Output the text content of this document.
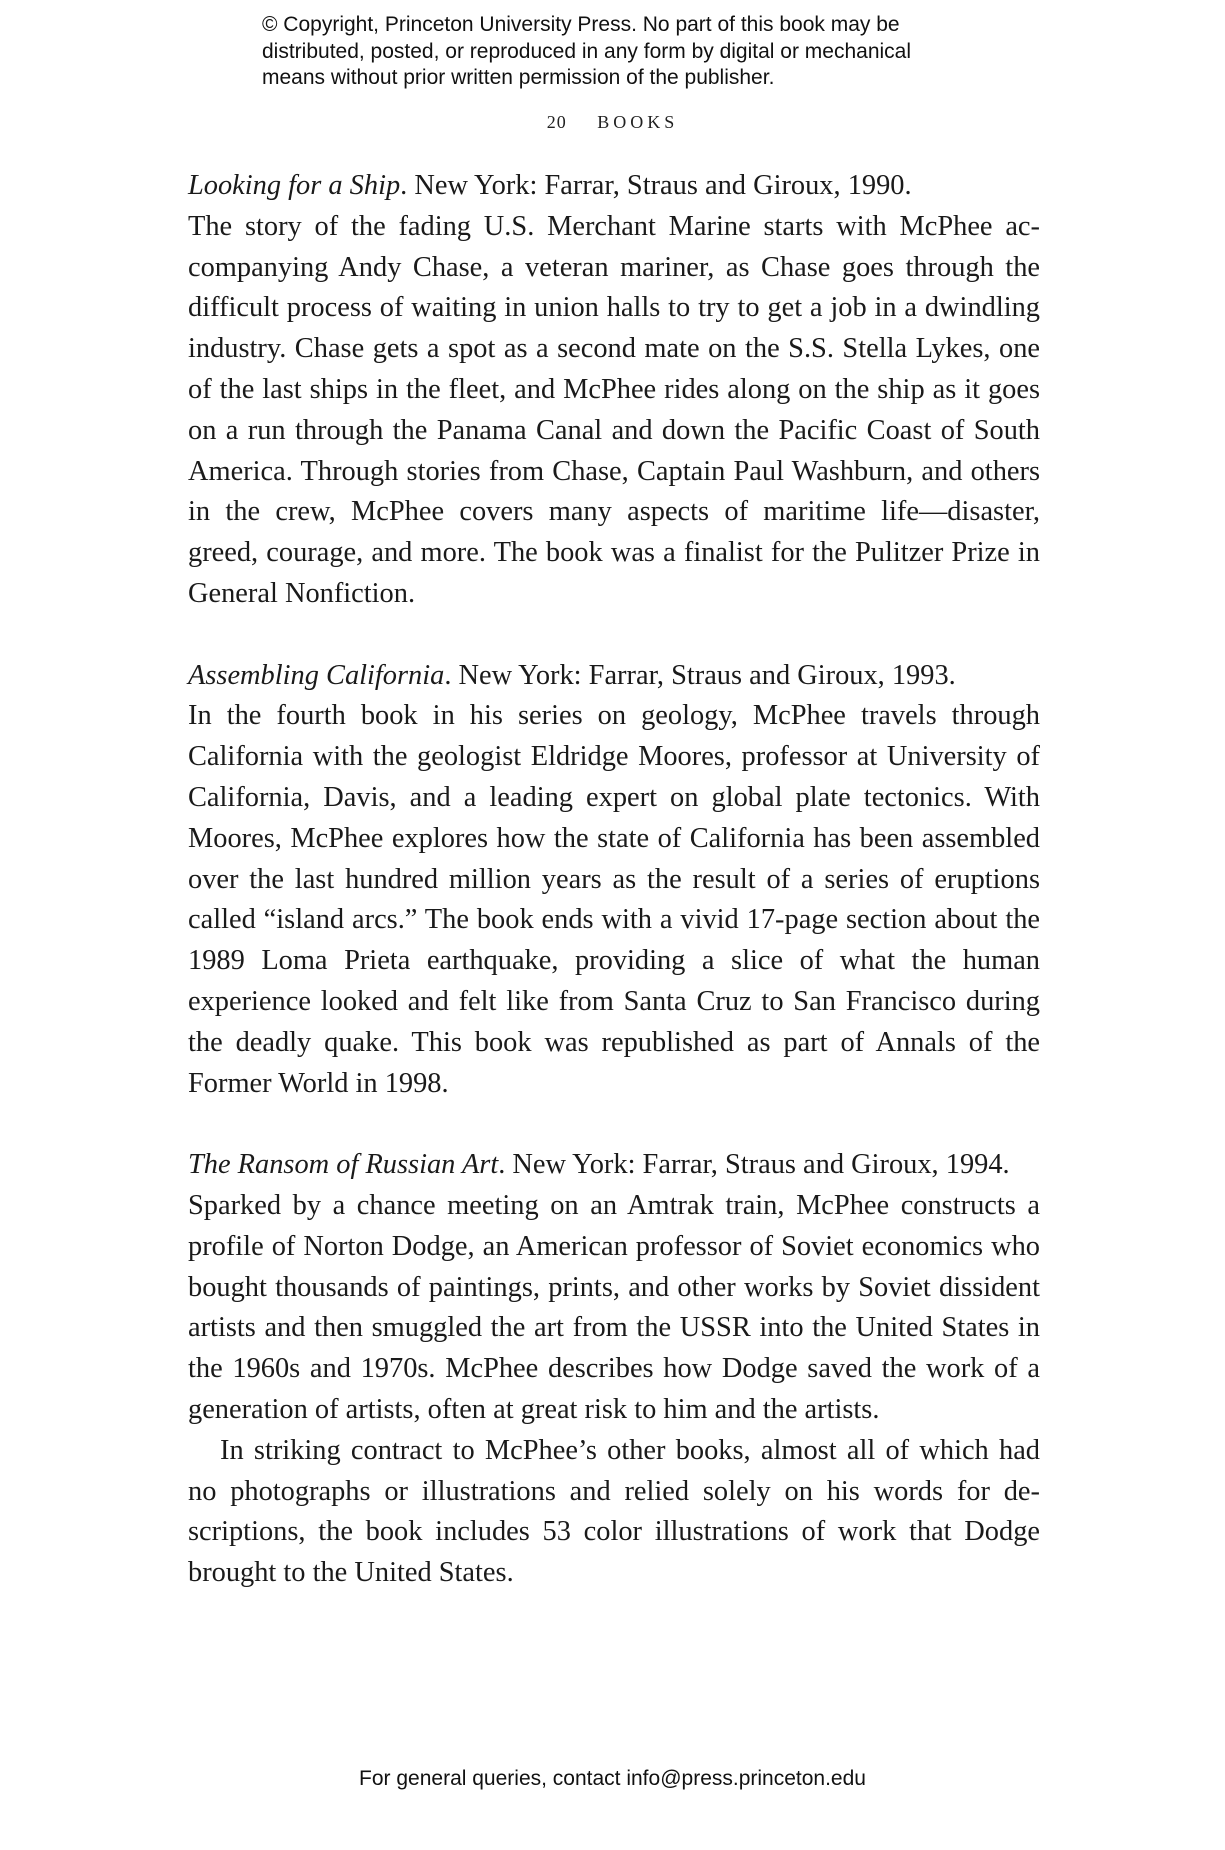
© Copyright, Princeton University Press. No part of this book may be
distributed, posted, or reproduced in any form by digital or mechanical
means without prior written permission of the publisher.
20 BOOKS

Looking for a Ship. New York: Farrar, Straus and Giroux, 1990.

The story of the fading U.S. Merchant Marine starts with McPhee accompanying Andy Chase, a veteran mariner, as Chase goes through the difficult process of waiting in union halls to try to get a job in a dwindling industry. Chase gets a spot as a second mate on the S.S. Stella Lykes, one of the last ships in the fleet, and McPhee rides along on the ship as it goes on a run through the Panama Canal and down the Pacific Coast of South America. Through stories from Chase, Captain Paul Washburn, and others in the crew, McPhee covers many aspects of maritime life—disaster, greed, courage, and more. The book was a finalist for the Pulitzer Prize in General Nonfiction.

Assembling California. New York: Farrar, Straus and Giroux, 1993.

In the fourth book in his series on geology, McPhee travels through California with the geologist Eldridge Moores, professor at University of California, Davis, and a leading expert on global plate tectonics. With Moores, McPhee explores how the state of California has been assembled over the last hundred million years as the result of a series of eruptions called “island arcs.” The book ends with a vivid 17-page section about the 1989 Loma Prieta earthquake, providing a slice of what the human experience looked and felt like from Santa Cruz to San Francisco during the deadly quake. This book was republished as part of Annals of the Former World in 1998.

The Ransom of Russian Art. New York: Farrar, Straus and Giroux, 1994.

Sparked by a chance meeting on an Amtrak train, McPhee constructs a profile of Norton Dodge, an American professor of Soviet economics who bought thousands of paintings, prints, and other works by Soviet dissident artists and then smuggled the art from the USSR into the United States in the 1960s and 1970s. McPhee describes how Dodge saved the work of a generation of artists, often at great risk to him and the artists.

In striking contract to McPhee’s other books, almost all of which had no photographs or illustrations and relied solely on his words for descriptions, the book includes 53 color illustrations of work that Dodge brought to the United States.

For general queries, contact info@press.princeton.edu
